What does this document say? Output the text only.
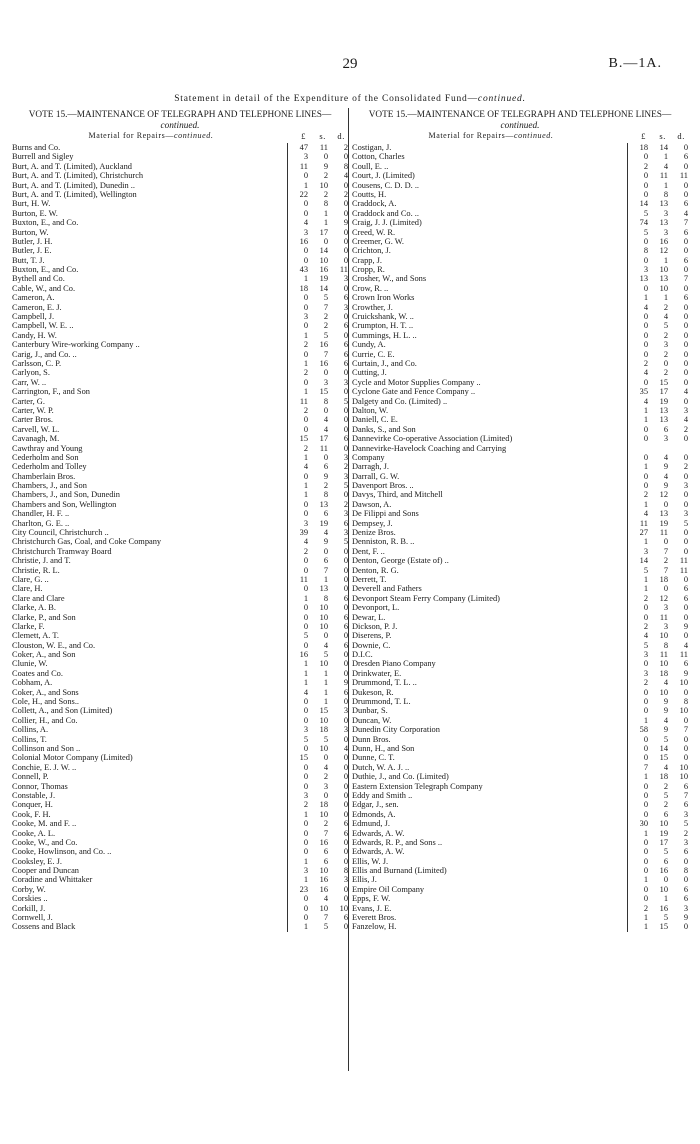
29	B.—1A.
Statement in detail of the Expenditure of the Consolidated Fund—continued.
VOTE 15.—MAINTENANCE OF TELEGRAPH AND TELEPHONE LINES—continued.
Material for Repairs—continued.	£ s. d.
Burns and Co.	47	11	2
Burrell and Sigley	3	0	0
Burt, A. and T. (Limited), Auckland	11	9	8
Burt, A. and T. (Limited), Christchurch	0	2	4
Burt, A. and T. (Limited), Dunedin ..	1	10	0
Burt, A. and T. (Limited), Wellington	22	2	2
Burt, H. W.	0	8	0
Burton, E. W.	0	1	0
Buxton, E., and Co.	4	1	9
Burton, W.	3	17	0
Butler, J. H.	16	0	0
Butler, J. E.	0	14	0
Butt, T. J.	0	10	0
Buxton, E., and Co.	43	16	11
Bythell and Co.	1	19	3
Cable, W., and Co.	18	14	0
Cameron, A.	0	5	6
Cameron, E. J.	0	7	3
Campbell, J.	3	2	0
Campbell, W. E. ..	0	2	6
Candy, H. W.	1	5	0
Canterbury Wire-working Company ..	2	16	6
Carig, J., and Co. ..	0	7	6
Carlsson, C. P.	1	16	6
Carlyon, S.	2	0	0
Carr, W. ..	0	3	3
Carrington, F., and Son	1	15	0
Carter, G.	11	8	5
Carter, W. P.	2	0	0
Carter Bros.	0	4	0
Carvell, W. L.	0	4	0
Cavanagh, M.	15	17	6
Cawthray and Young	2	11	0
Cederholm and Son	1	0	3
Cederholm and Tolley	4	6	2
Chamberlain Bros.	0	9	3
Chambers, J., and Son	1	2	5
Chambers, J., and Son, Dunedin	1	8	0
Chambers and Son, Wellington	0	13	2
Chandler, H. F. ..	0	6	3
Charlton, G. E. ..	3	19	6
City Council, Christchurch ..	39	4	3
Christchurch Gas, Coal, and Coke Company	4	9	5
Christchurch Tramway Board	2	0	0
Christie, J. and T.	0	6	0
Christie, R. L.	0	7	0
Clare, G. ..	11	1	0
Clare, H.	0	13	0
Clare and Clare	1	8	6
Clarke, A. B.	0	10	0
Clarke, P., and Son	0	10	6
Clarke, F.	0	10	6
Clemett, A. T.	5	0	0
Clouston, W. E., and Co.	0	4	6
Coker, A., and Son	16	5	0
Clunie, W.	1	10	0
Coates and Co.	1	1	0
Cobham, A.	1	1	9
Coker, A., and Sons	4	1	6
Cole, H., and Sons..	0	1	0
Collett, A., and Son (Limited)	0	15	3
Collier, H., and Co.	0	10	0
Collins, A.	3	18	3
Collins, T.	5	5	0
Collinson and Son ..	0	10	4
Colonial Motor Company (Limited)	15	0	0
Conchie, E. J. W. ..	0	4	0
Connell, P.	0	2	0
Connor, Thomas	0	3	0
Constable, J.	3	0	0
Conquer, H.	2	18	0
Cook, F. H.	1	10	0
Cooke, M. and F. ..	0	2	6
Cooke, A. L.	0	7	6
Cooke, W., and Co.	0	16	0
Cooke, Howlinson, and Co. ..	0	6	0
Cooksley, E. J.	1	6	0
Cooper and Duncan	3	10	8
Coradine and Whittaker	1	16	3
Corby, W.	23	16	0
Corskies ..	0	4	0
Corkill, J.	0	10	10
Cornwell, J.	0	7	6
Cossens and Black	1	5	0
VOTE 15.—MAINTENANCE OF TELEGRAPH AND TELEPHONE LINES—continued.
Material for Repairs—continued.	£ s. d.
Costigan, J.	18	14	0
Cotton, Charles	0	1	6
Coull, E. ..	2	4	0
Court, J. (Limited)	0	11	11
Cousens, C. D. D. ..	0	1	0
Coutts, H.	0	8	0
Craddock, A.	14	13	6
Craddock and Co. ..	5	3	4
Craig, J. J. (Limited)	74	13	7
Creed, W. R.	5	3	6
Creemer, G. W.	0	16	0
Crichton, J.	8	12	0
Crapp, J.	0	1	6
Cropp, R.	3	10	0
Crosher, W., and Sons	13	13	7
Crow, R. ..	0	10	0
Crown Iron Works	1	1	6
Crowther, J.	4	2	0
Cruickshank, W. ..	0	4	0
Crumpton, H. T. ..	0	5	0
Cummings, H. L. ..	0	2	0
Cundy, A.	0	3	0
Currie, C. E.	0	2	0
Curtain, J., and Co.	2	0	0
Cutting, J.	4	2	0
Cycle and Motor Supplies Company ..	0	15	0
Cyclone Gate and Fence Company ..	35	17	4
Dalgety and Co. (Limited) ..	4	19	0
Dalton, W.	1	13	3
Daniell, C. E.	1	13	4
Danks, S., and Son	0	6	2
Dannevirke Co-operative Association (Limited)	0	3	0
Dannevirke-Havelock Coaching and Carrying
Company	0	4	0
Darragh, J.	1	9	2
Darrall, G. W.	0	4	0
Davenport Bros. ..	0	9	3
Davys, Third, and Mitchell	2	12	0
Dawson, A.	1	0	0
De Filippi and Sons	4	13	3
Dempsey, J.	11	19	5
Denize Bros.	27	11	0
Denniston, R. B. ..	1	0	0
Dent, F. ..	3	7	0
Denton, George (Estate of) ..	14	2	11
Denton, R. G.	5	7	11
Derrett, T.	1	18	0
Deverell and Fathers	1	0	6
Devonport Steam Ferry Company (Limited)	2	12	6
Devonport, L.	0	3	0
Dewar, L.	0	11	0
Dickson, P. J.	2	3	9
Diserens, P.	4	10	0
Downie, C.	5	8	4
D.I.C.	3	11	11
Dresden Piano Company	0	10	6
Drinkwater, E.	3	18	9
Drummond, T. L. ..	2	4	10
Dukeson, R.	0	10	0
Drummond, T. L.	0	9	8
Dunbar, S.	0	9	10
Duncan, W.	1	4	0
Dunedin City Corporation	58	9	7
Dunn Bros.	0	5	0
Dunn, H., and Son	0	14	0
Dunne, C. T.	0	15	0
Dutch, W. A. J. ..	7	4	10
Duthie, J., and Co. (Limited)	1	18	10
Eastern Extension Telegraph Company	0	2	6
Eddy and Smith ..	0	5	7
Edgar, J., sen.	0	2	6
Edmonds, A.	0	6	3
Edmund, J.	30	10	5
Edwards, A. W.	1	19	2
Edwards, R. P., and Sons ..	0	17	3
Edwards, A. W.	0	5	6
Ellis, W. J.	0	6	0
Ellis and Burnand (Limited)	0	16	8
Ellis, J.	1	0	0
Empire Oil Company	0	10	6
Epps, F. W.	0	1	6
Evans, J. E.	2	16	3
Everett Bros.	1	5	9
Fanzelow, H.	1	15	0
